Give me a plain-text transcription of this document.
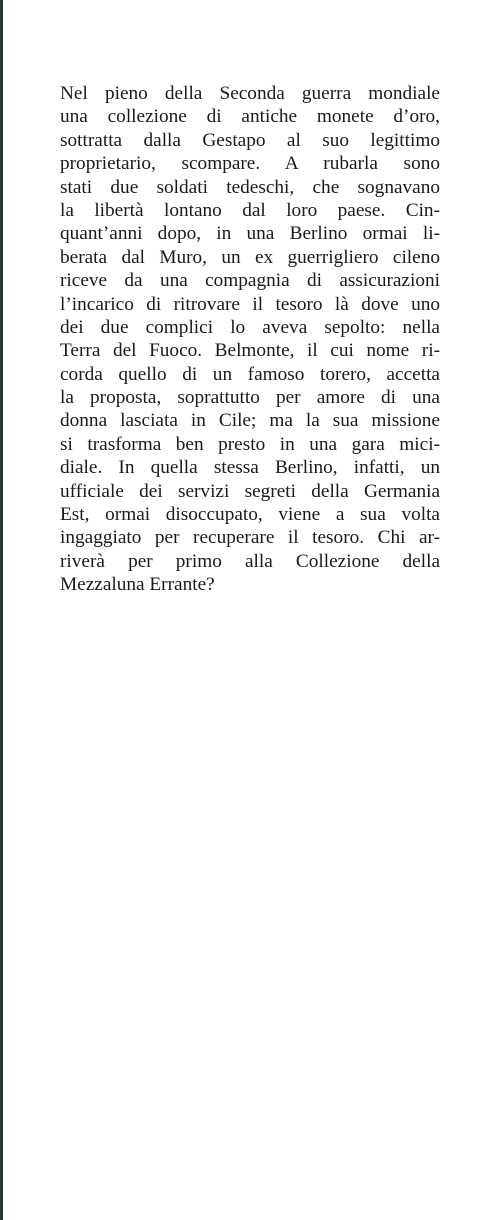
Nel pieno della Seconda guerra mondiale
una collezione di antiche monete d’oro,
sottratta dalla Gestapo al suo legittimo
proprietario, scompare. A rubarla sono
stati due soldati tedeschi, che sognavano
la libertà lontano dal loro paese. Cin-
quant’anni dopo, in una Berlino ormai li-
berata dal Muro, un ex guerrigliero cileno
riceve da una compagnia di assicurazioni
l’incarico di ritrovare il tesoro là dove uno
dei due complici lo aveva sepolto: nella
Terra del Fuoco. Belmonte, il cui nome ri-
corda quello di un famoso torero, accetta
la proposta, soprattutto per amore di una
donna lasciata in Cile; ma la sua missione
si trasforma ben presto in una gara mici-
diale. In quella stessa Berlino, infatti, un
ufficiale dei servizi segreti della Germania
Est, ormai disoccupato, viene a sua volta
ingaggiato per recuperare il tesoro. Chi ar-
riverà per primo alla Collezione della
Mezzaluna Errante?
